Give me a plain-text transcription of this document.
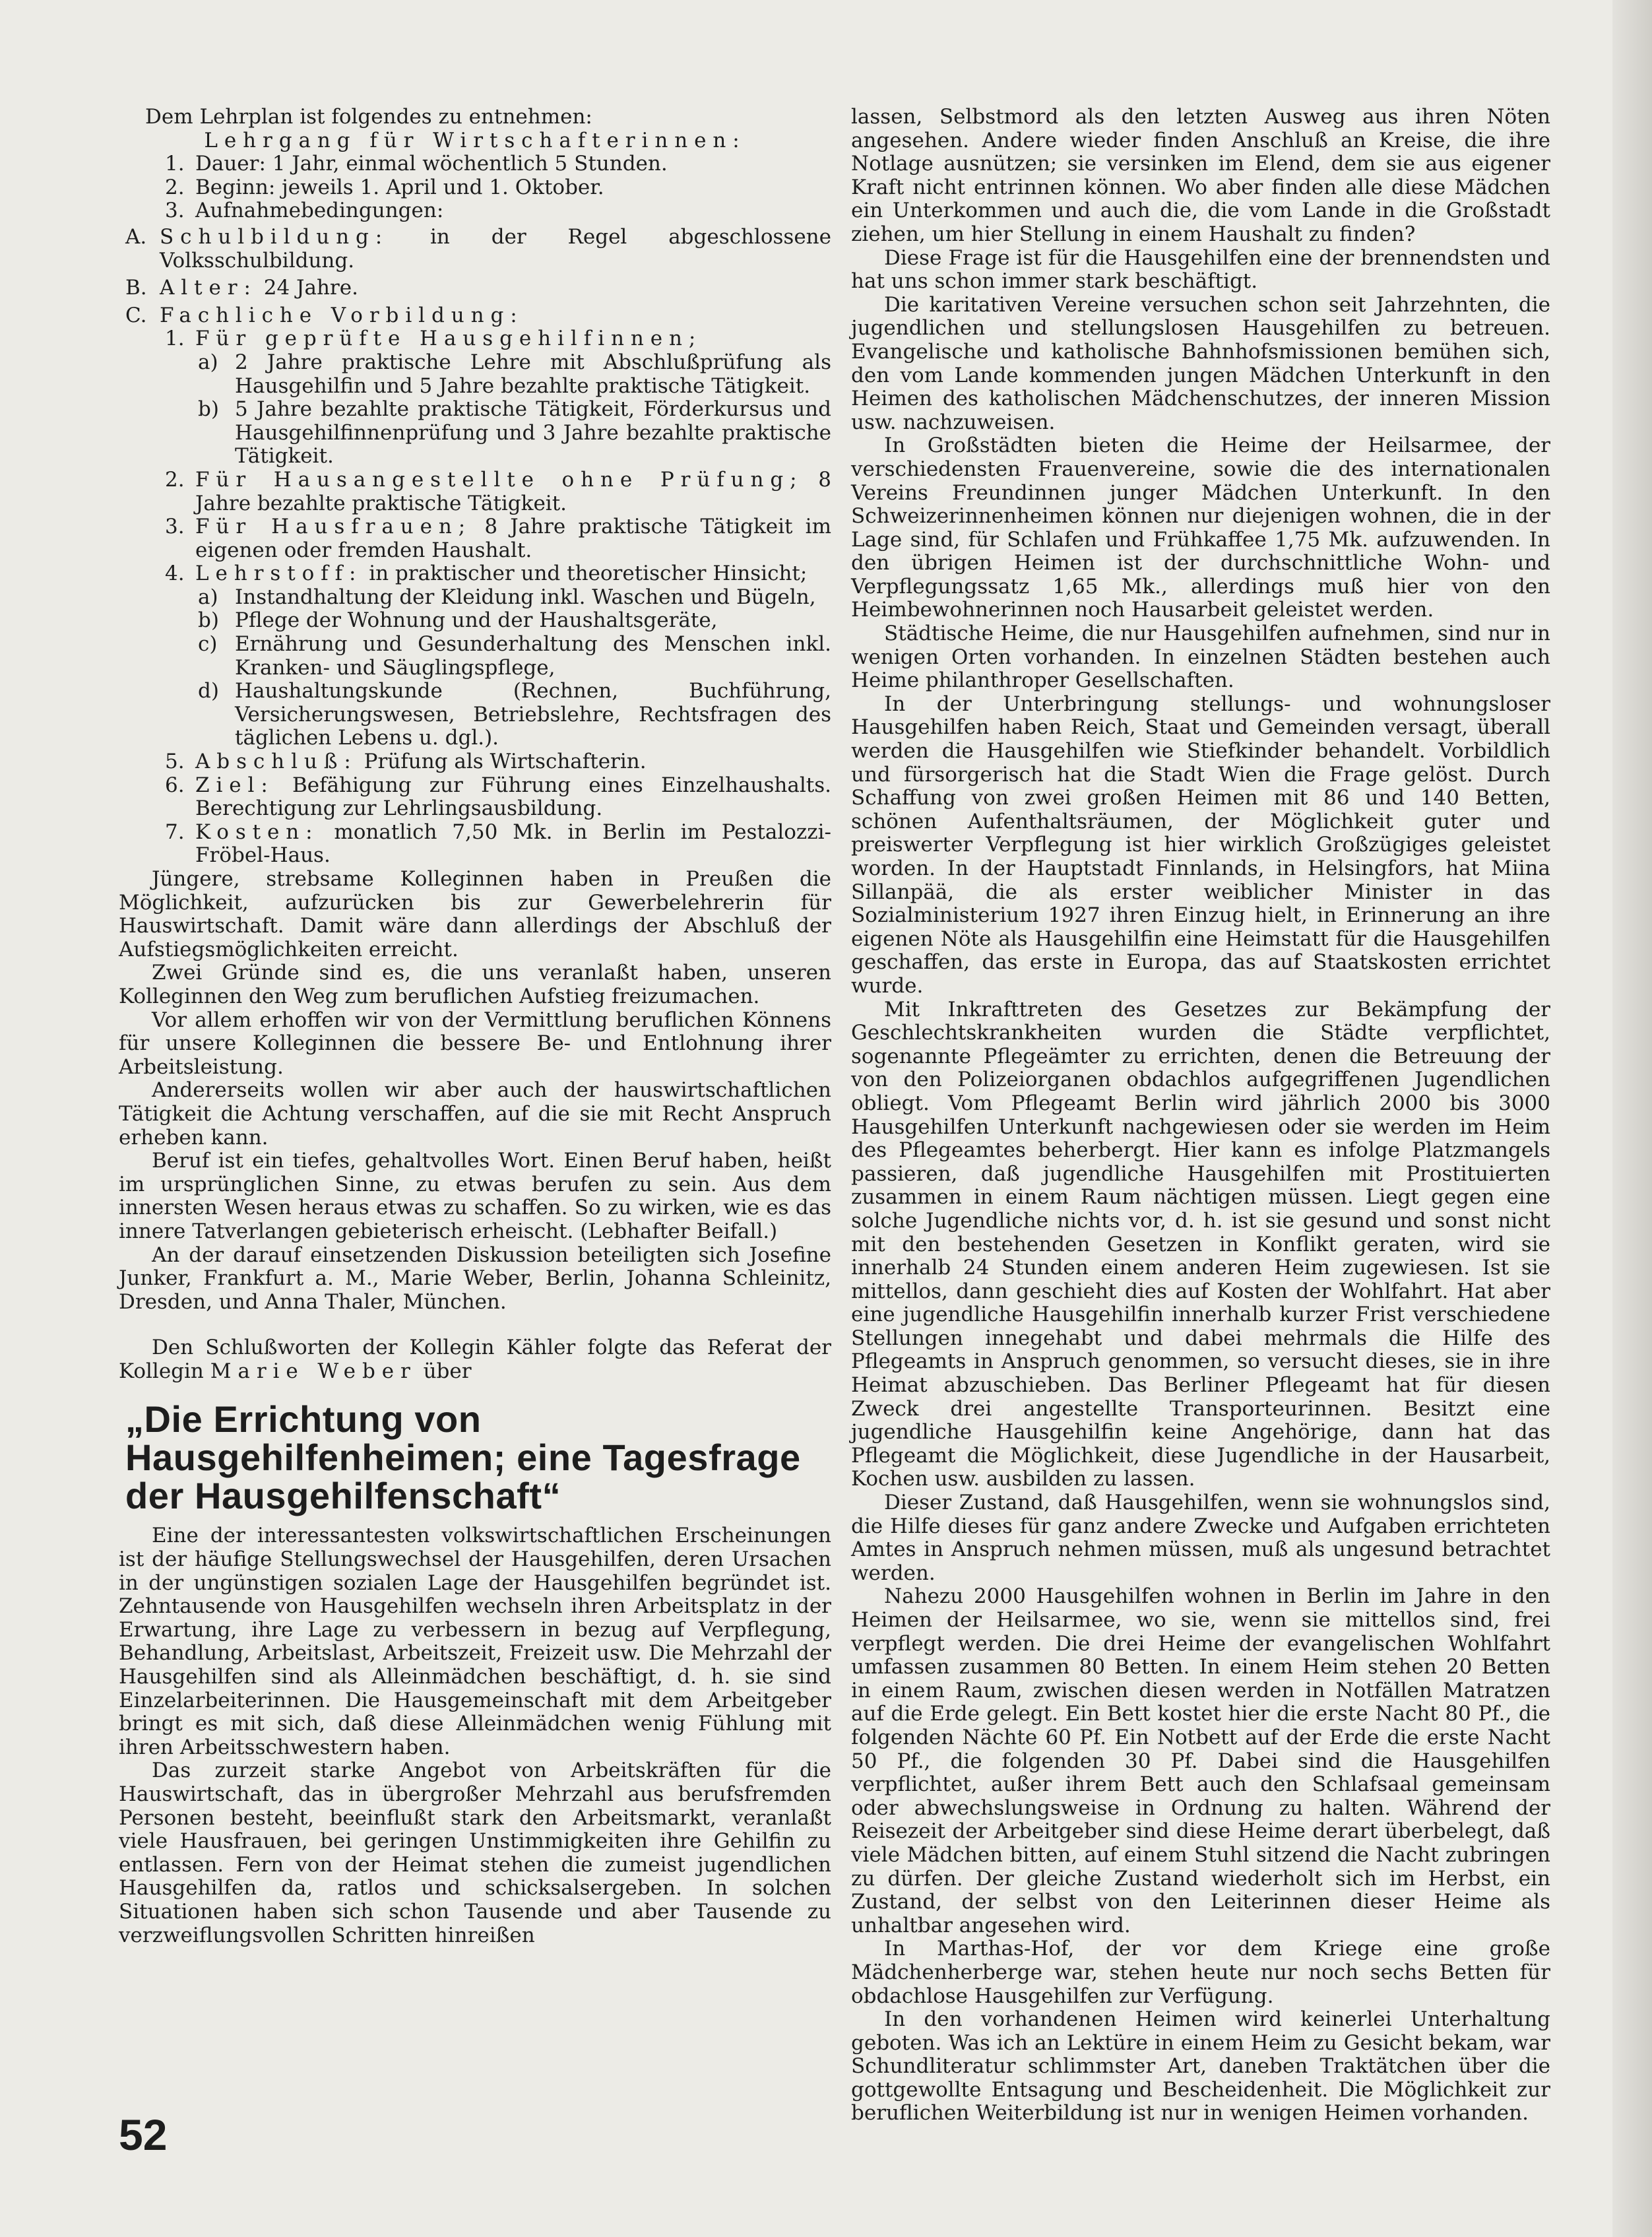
Dem Lehrplan ist folgendes zu entnehmen:

Lehrgang für Wirtschafterinnen:

1. Dauer: 1 Jahr, einmal wöchentlich 5 Stunden.
2. Beginn: jeweils 1. April und 1. Oktober.
3. Aufnahmebedingungen:
A. Schulbildung: in der Regel abgeschlossene Volksschulbildung.
B. Alter: 24 Jahre.
C. Fachliche Vorbildung:
1. Für geprüfte Hausgehilfinnen;
a) 2 Jahre praktische Lehre mit Abschlußprüfung als Hausgehilfin und 5 Jahre bezahlte praktische Tätigkeit.
b) 5 Jahre bezahlte praktische Tätigkeit, Förderkursus und Hausgehilfinnenprüfung und 3 Jahre bezahlte praktische Tätigkeit.
2. Für Hausangestellte ohne Prüfung; 8 Jahre bezahlte praktische Tätigkeit.
3. Für Hausfrauen; 8 Jahre praktische Tätigkeit im eigenen oder fremden Haushalt.
4. Lehrstoff: in praktischer und theoretischer Hinsicht;
a) Instandhaltung der Kleidung inkl. Waschen und Bügeln,
b) Pflege der Wohnung und der Haushaltsgeräte,
c) Ernährung und Gesunderhaltung des Menschen inkl. Kranken- und Säuglingspflege,
d) Haushaltungskunde (Rechnen, Buchführung, Versicherungswesen, Betriebslehre, Rechtsfragen des täglichen Lebens u. dgl.).
5. Abschluß: Prüfung als Wirtschafterin.
6. Ziel: Befähigung zur Führung eines Einzelhaushalts. Berechtigung zur Lehrlingsausbildung.
7. Kosten: monatlich 7,50 Mk. in Berlin im Pestalozzi-Fröbel-Haus.

Jüngere, strebsame Kolleginnen haben in Preußen die Möglichkeit, aufzurücken bis zur Gewerbelehrerin für Hauswirtschaft. Damit wäre dann allerdings der Abschluß der Aufstiegsmöglichkeiten erreicht.

Zwei Gründe sind es, die uns veranlaßt haben, unseren Kolleginnen den Weg zum beruflichen Aufstieg freizumachen.

Vor allem erhoffen wir von der Vermittlung beruflichen Könnens für unsere Kolleginnen die bessere Be- und Entlohnung ihrer Arbeitsleistung.

Andererseits wollen wir aber auch der hauswirtschaftlichen Tätigkeit die Achtung verschaffen, auf die sie mit Recht Anspruch erheben kann.

Beruf ist ein tiefes, gehaltvolles Wort. Einen Beruf haben, heißt im ursprünglichen Sinne, zu etwas berufen zu sein. Aus dem innersten Wesen heraus etwas zu schaffen. So zu wirken, wie es das innere Tatverlangen gebieterisch erheischt. (Lebhafter Beifall.)

An der darauf einsetzenden Diskussion beteiligten sich Josefine Junker, Frankfurt a. M., Marie Weber, Berlin, Johanna Schleinitz, Dresden, und Anna Thaler, München.

Den Schlußworten der Kollegin Kähler folgte das Referat der Kollegin Marie Weber über

„Die Errichtung von Hausgehilfenheimen; eine Tagesfrage der Hausgehilfenschaft“

Eine der interessantesten volkswirtschaftlichen Erscheinungen ist der häufige Stellungswechsel der Hausgehilfen, deren Ursachen in der ungünstigen sozialen Lage der Hausgehilfen begründet ist. Zehntausende von Hausgehilfen wechseln ihren Arbeitsplatz in der Erwartung, ihre Lage zu verbessern in bezug auf Verpflegung, Behandlung, Arbeitslast, Arbeitszeit, Freizeit usw. Die Mehrzahl der Hausgehilfen sind als Alleinmädchen beschäftigt, d. h. sie sind Einzelarbeiterinnen. Die Hausgemeinschaft mit dem Arbeitgeber bringt es mit sich, daß diese Alleinmädchen wenig Fühlung mit ihren Arbeitsschwestern haben.

Das zurzeit starke Angebot von Arbeitskräften für die Hauswirtschaft, das in übergroßer Mehrzahl aus berufsfremden Personen besteht, beeinflußt stark den Arbeitsmarkt, veranlaßt viele Hausfrauen, bei geringen Unstimmigkeiten ihre Gehilfin zu entlassen. Fern von der Heimat stehen die zumeist jugendlichen Hausgehilfen da, ratlos und schicksalsergeben. In solchen Situationen haben sich schon Tausende und aber Tausende zu verzweiflungsvollen Schritten hinreißen

lassen, Selbstmord als den letzten Ausweg aus ihren Nöten angesehen. Andere wieder finden Anschluß an Kreise, die ihre Notlage ausnützen; sie versinken im Elend, dem sie aus eigener Kraft nicht entrinnen können. Wo aber finden alle diese Mädchen ein Unterkommen und auch die, die vom Lande in die Großstadt ziehen, um hier Stellung in einem Haushalt zu finden?

Diese Frage ist für die Hausgehilfen eine der brennendsten und hat uns schon immer stark beschäftigt.

Die karitativen Vereine versuchen schon seit Jahrzehnten, die jugendlichen und stellungslosen Hausgehilfen zu betreuen. Evangelische und katholische Bahnhofsmissionen bemühen sich, den vom Lande kommenden jungen Mädchen Unterkunft in den Heimen des katholischen Mädchenschutzes, der inneren Mission usw. nachzuweisen.

In Großstädten bieten die Heime der Heilsarmee, der verschiedensten Frauenvereine, sowie die des internationalen Vereins Freundinnen junger Mädchen Unterkunft. In den Schweizerinnenheimen können nur diejenigen wohnen, die in der Lage sind, für Schlafen und Frühkaffee 1,75 Mk. aufzuwenden. In den übrigen Heimen ist der durchschnittliche Wohn- und Verpflegungssatz 1,65 Mk., allerdings muß hier von den Heimbewohnerinnen noch Hausarbeit geleistet werden.

Städtische Heime, die nur Hausgehilfen aufnehmen, sind nur in wenigen Orten vorhanden. In einzelnen Städten bestehen auch Heime philanthroper Gesellschaften.

In der Unterbringung stellungs- und wohnungsloser Hausgehilfen haben Reich, Staat und Gemeinden versagt, überall werden die Hausgehilfen wie Stiefkinder behandelt. Vorbildlich und fürsorgerisch hat die Stadt Wien die Frage gelöst. Durch Schaffung von zwei großen Heimen mit 86 und 140 Betten, schönen Aufenthaltsräumen, der Möglichkeit guter und preiswerter Verpflegung ist hier wirklich Großzügiges geleistet worden. In der Hauptstadt Finnlands, in Helsingfors, hat Miina Sillanpää, die als erster weiblicher Minister in das Sozialministerium 1927 ihren Einzug hielt, in Erinnerung an ihre eigenen Nöte als Hausgehilfin eine Heimstatt für die Hausgehilfen geschaffen, das erste in Europa, das auf Staatskosten errichtet wurde.

Mit Inkrafttreten des Gesetzes zur Bekämpfung der Geschlechtskrankheiten wurden die Städte verpflichtet, sogenannte Pflegeämter zu errichten, denen die Betreuung der von den Polizeiorganen obdachlos aufgegriffenen Jugendlichen obliegt. Vom Pflegeamt Berlin wird jährlich 2000 bis 3000 Hausgehilfen Unterkunft nachgewiesen oder sie werden im Heim des Pflegeamtes beherbergt. Hier kann es infolge Platzmangels passieren, daß jugendliche Hausgehilfen mit Prostituierten zusammen in einem Raum nächtigen müssen. Liegt gegen eine solche Jugendliche nichts vor, d. h. ist sie gesund und sonst nicht mit den bestehenden Gesetzen in Konflikt geraten, wird sie innerhalb 24 Stunden einem anderen Heim zugewiesen. Ist sie mittellos, dann geschieht dies auf Kosten der Wohlfahrt. Hat aber eine jugendliche Hausgehilfin innerhalb kurzer Frist verschiedene Stellungen innegehabt und dabei mehrmals die Hilfe des Pflegeamts in Anspruch genommen, so versucht dieses, sie in ihre Heimat abzuschieben. Das Berliner Pflegeamt hat für diesen Zweck drei angestellte Transporteurinnen. Besitzt eine jugendliche Hausgehilfin keine Angehörige, dann hat das Pflegeamt die Möglichkeit, diese Jugendliche in der Hausarbeit, Kochen usw. ausbilden zu lassen.

Dieser Zustand, daß Hausgehilfen, wenn sie wohnungslos sind, die Hilfe dieses für ganz andere Zwecke und Aufgaben errichteten Amtes in Anspruch nehmen müssen, muß als ungesund betrachtet werden.

Nahezu 2000 Hausgehilfen wohnen in Berlin im Jahre in den Heimen der Heilsarmee, wo sie, wenn sie mittellos sind, frei verpflegt werden. Die drei Heime der evangelischen Wohlfahrt umfassen zusammen 80 Betten. In einem Heim stehen 20 Betten in einem Raum, zwischen diesen werden in Notfällen Matratzen auf die Erde gelegt. Ein Bett kostet hier die erste Nacht 80 Pf., die folgenden Nächte 60 Pf. Ein Notbett auf der Erde die erste Nacht 50 Pf., die folgenden 30 Pf. Dabei sind die Hausgehilfen verpflichtet, außer ihrem Bett auch den Schlafsaal gemeinsam oder abwechslungsweise in Ordnung zu halten. Während der Reisezeit der Arbeitgeber sind diese Heime derart überbelegt, daß viele Mädchen bitten, auf einem Stuhl sitzend die Nacht zubringen zu dürfen. Der gleiche Zustand wiederholt sich im Herbst, ein Zustand, der selbst von den Leiterinnen dieser Heime als unhaltbar angesehen wird.

In Marthas-Hof, der vor dem Kriege eine große Mädchenherberge war, stehen heute nur noch sechs Betten für obdachlose Hausgehilfen zur Verfügung.

In den vorhandenen Heimen wird keinerlei Unterhaltung geboten. Was ich an Lektüre in einem Heim zu Gesicht bekam, war Schundliteratur schlimmster Art, daneben Traktätchen über die gottgewollte Entsagung und Bescheidenheit. Die Möglichkeit zur beruflichen Weiterbildung ist nur in wenigen Heimen vorhanden.

52
